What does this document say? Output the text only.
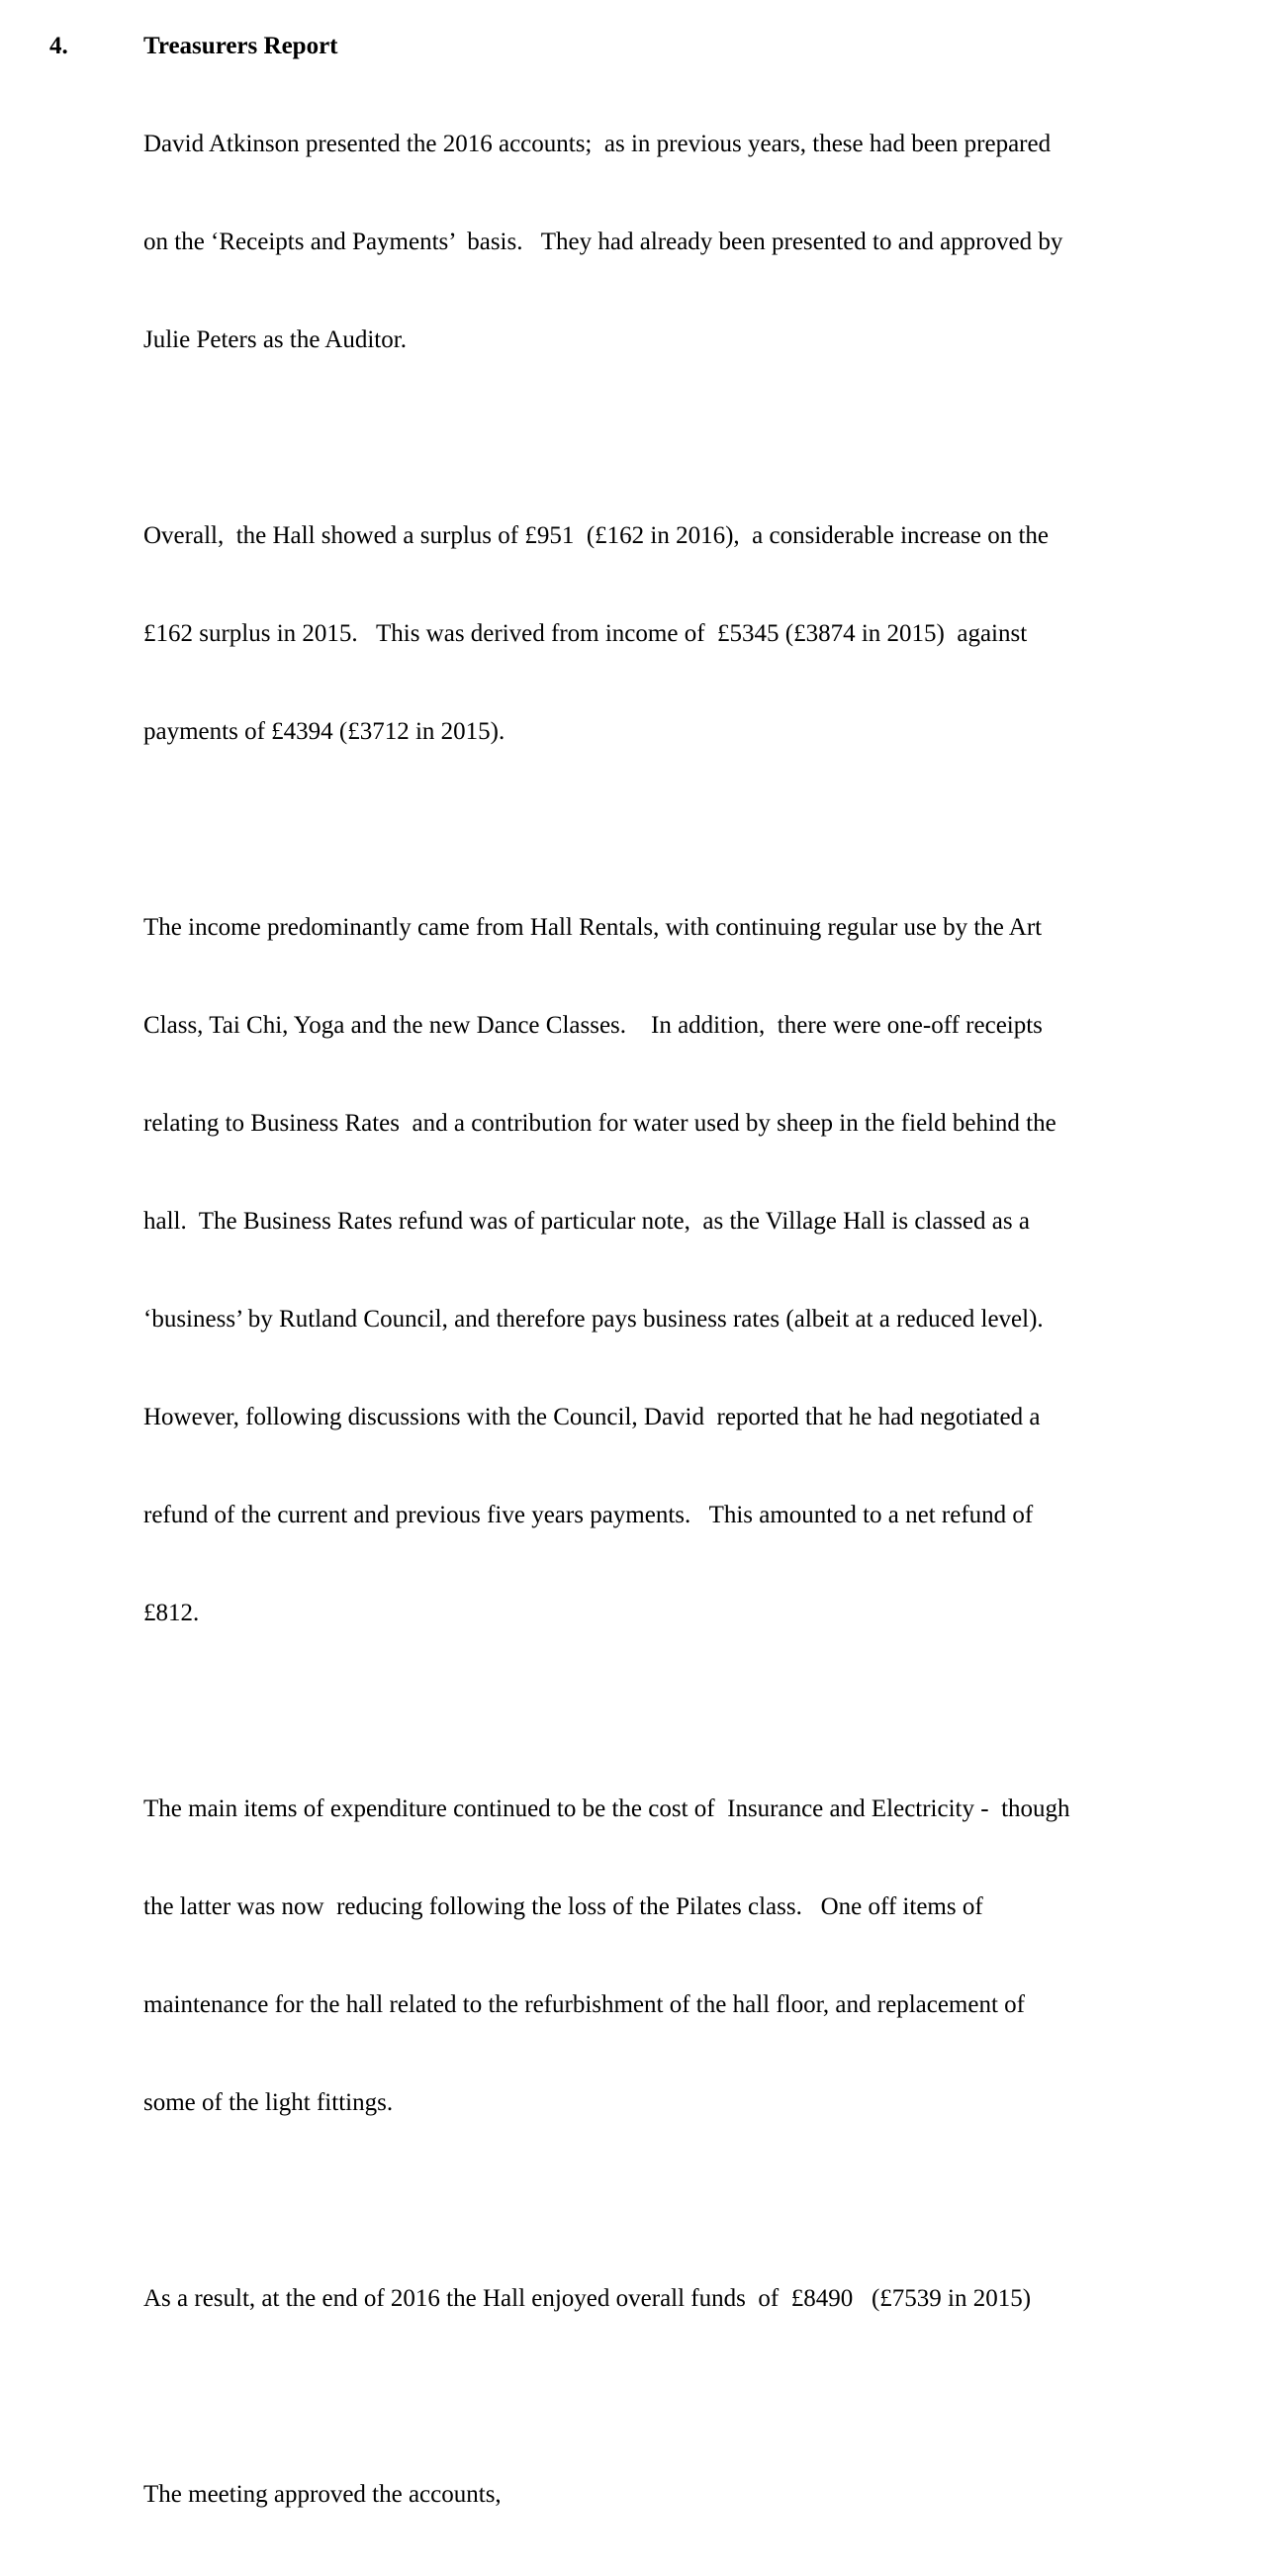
4.	Treasurers Report

David Atkinson presented the 2016 accounts;  as in previous years, these had been prepared

on the ‘Receipts and Payments’  basis.   They had already been presented to and approved by

Julie Peters as the Auditor.

Overall,  the Hall showed a surplus of £951  (£162 in 2016),  a considerable increase on the

£162 surplus in 2015.   This was derived from income of  £5345 (£3874 in 2015)  against

payments of £4394 (£3712 in 2015).

The income predominantly came from Hall Rentals, with continuing regular use by the Art

Class, Tai Chi, Yoga and the new Dance Classes.    In addition,  there were one-off receipts

relating to Business Rates  and a contribution for water used by sheep in the field behind the

hall.  The Business Rates refund was of particular note,  as the Village Hall is classed as a

‘business’ by Rutland Council, and therefore pays business rates (albeit at a reduced level).

However, following discussions with the Council, David  reported that he had negotiated a

refund of the current and previous five years payments.   This amounted to a net refund of

£812.

The main items of expenditure continued to be the cost of  Insurance and Electricity -  though

the latter was now  reducing following the loss of the Pilates class.   One off items of

maintenance for the hall related to the refurbishment of the hall floor, and replacement of

some of the light fittings.

As a result, at the end of 2016 the Hall enjoyed overall funds  of  £8490   (£7539 in 2015)

The meeting approved the accounts,
